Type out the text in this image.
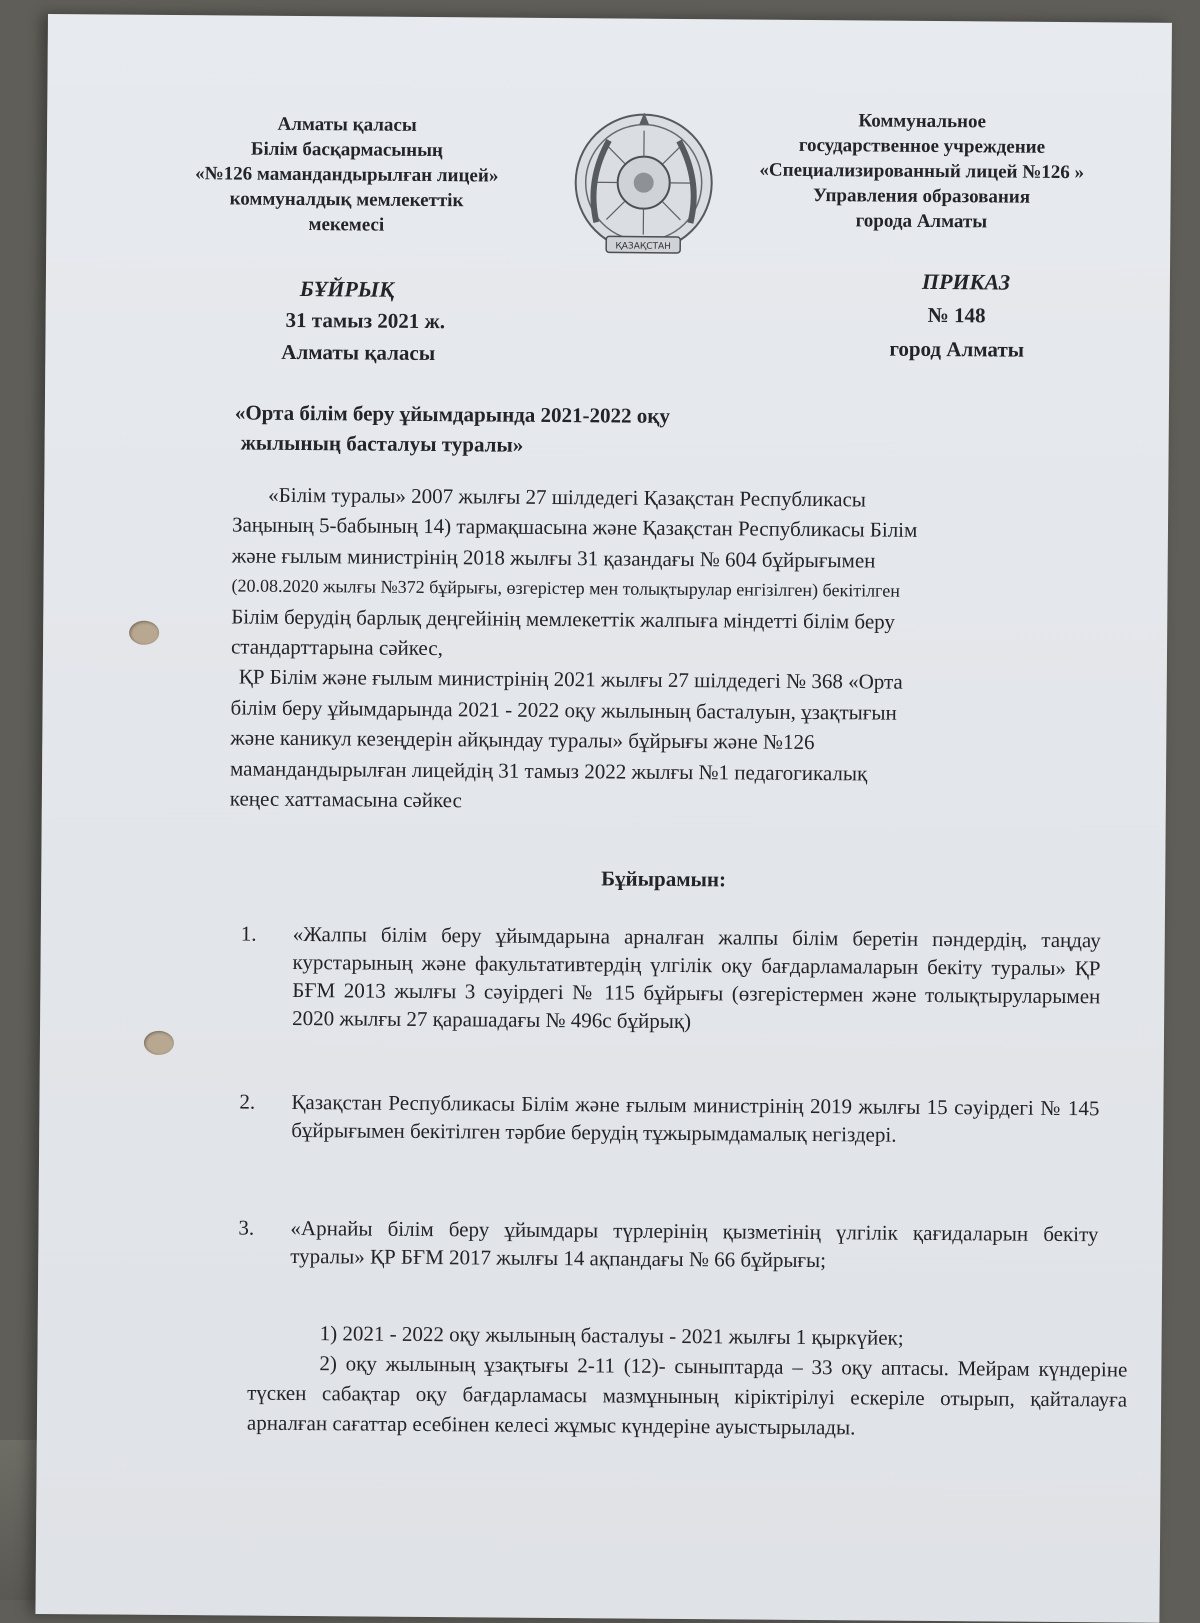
Алматы қаласы
Білім басқармасының
«№126 мамандандырылған лицей»
коммуналдық мемлекеттік
мекемесі
ҚАЗАҚСТАН
Коммунальное
государственное учреждение
«Специализированный лицей №126 »
Управления образования
города Алматы
БҰЙРЫҚ
31 тамыз 2021 ж.
Алматы қаласы
ПРИКАЗ
№ 148
город Алматы
«Орта білім беру ұйымдарында 2021-2022 оқу
жылының басталуы туралы»
«Білім туралы» 2007 жылғы 27 шілдедегі Қазақстан Республикасы
Заңының 5-бабының 14) тармақшасына және Қазақстан Республикасы Білім
және ғылым министрінің 2018 жылғы 31 қазандағы № 604 бұйрығымен
(20.08.2020 жылғы №372 бұйрығы, өзгерістер мен толықтырулар енгізілген) бекітілген
Білім берудің барлық деңгейінің мемлекеттік жалпыға міндетті білім беру
стандарттарына сәйкес,
ҚР Білім және ғылым министрінің 2021 жылғы 27 шілдедегі № 368 «Орта
білім беру ұйымдарында 2021 - 2022 оқу жылының басталуын, ұзақтығын
және каникул кезеңдерін айқындау туралы» бұйрығы және №126
мамандандырылған лицейдің 31 тамыз 2022 жылғы №1 педагогикалық
кеңес хаттамасына сәйкес
Бұйырамын:
1.	«Жалпы білім беру ұйымдарына арналған жалпы білім беретін пәндердің, таңдау курстарының және факультативтердің үлгілік оқу бағдарламаларын бекіту туралы» ҚР БҒМ 2013 жылғы 3 сәуірдегі № 115 бұйрығы (өзгерістермен және толықтыруларымен 2020 жылғы 27 қарашадағы № 496с бұйрық)
2.	Қазақстан Республикасы Білім және ғылым министрінің 2019 жылғы 15 сәуірдегі № 145 бұйрығымен бекітілген тәрбие берудің тұжырымдамалық негіздері.
3.	«Арнайы білім беру ұйымдары түрлерінің қызметінің үлгілік қағидаларын бекіту туралы» ҚР БҒМ 2017 жылғы 14 ақпандағы № 66 бұйрығы;
1) 2021 - 2022 оқу жылының басталуы - 2021 жылғы 1 қыркүйек;
2) оқу жылының ұзақтығы 2-11 (12)- сыныптарда – 33 оқу аптасы. Мейрам күндеріне түскен сабақтар оқу бағдарламасы мазмұнының кіріктірілуі ескеріле отырып, қайталауға арналған сағаттар есебінен келесі жұмыс күндеріне ауыстырылады.
